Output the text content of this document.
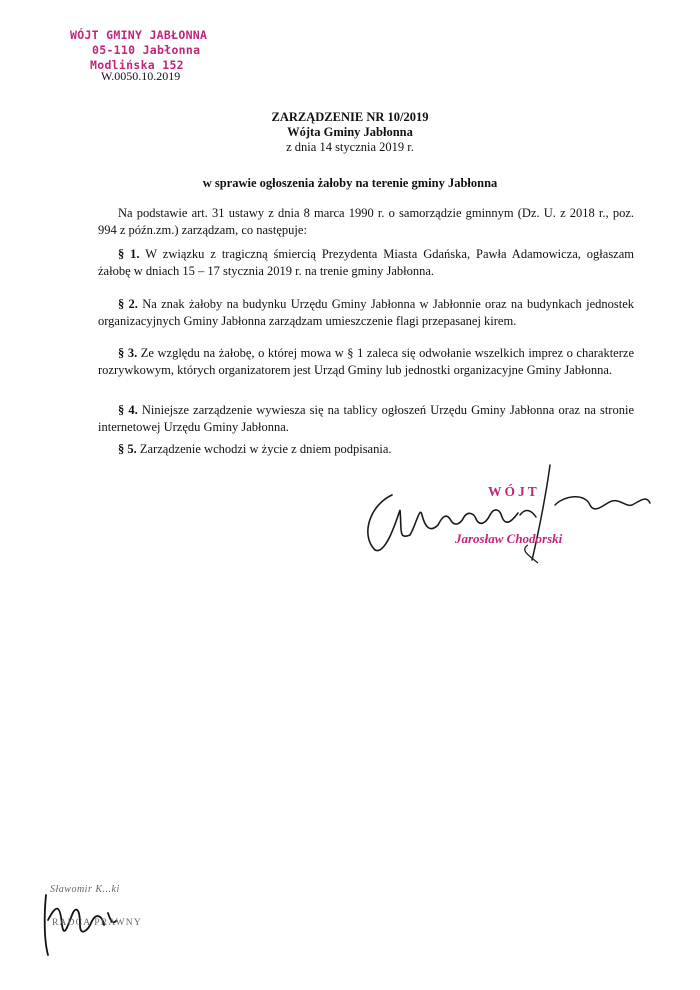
WÓJT GMINY JABŁONNA
05-110 Jabłonna
Modlińska 152
W.0050.10.2019
ZARZĄDZENIE NR 10/2019
Wójta Gminy Jabłonna
z dnia 14 stycznia 2019 r.
w sprawie ogłoszenia żałoby na terenie gminy Jabłonna

Na podstawie art. 31 ustawy z dnia 8 marca 1990 r. o samorządzie gminnym (Dz. U. z 2018 r., poz. 994 z późn.zm.) zarządzam, co następuje:

§ 1. W związku z tragiczną śmiercią Prezydenta Miasta Gdańska, Pawła Adamowicza, ogłaszam żałobę w dniach 15 – 17 stycznia 2019 r. na trenie gminy Jabłonna.

§ 2. Na znak żałoby na budynku Urzędu Gminy Jabłonna w Jabłonnie oraz na budynkach jednostek organizacyjnych Gminy Jabłonna zarządzam umieszczenie flagi przepasanej kirem.

§ 3. Ze względu na żałobę, o której mowa w § 1 zaleca się odwołanie wszelkich imprez o charakterze rozrywkowym, których organizatorem jest Urząd Gminy lub jednostki organizacyjne Gminy Jabłonna.

§ 4. Niniejsze zarządzenie wywiesza się na tablicy ogłoszeń Urzędu Gminy Jabłonna oraz na stronie internetowej Urzędu Gminy Jabłonna.

§ 5. Zarządzenie wchodzi w życie z dniem podpisania.

WÓJT
Jarosław Chodorski
Sławomir K...ki
RADCA PRAWNY
